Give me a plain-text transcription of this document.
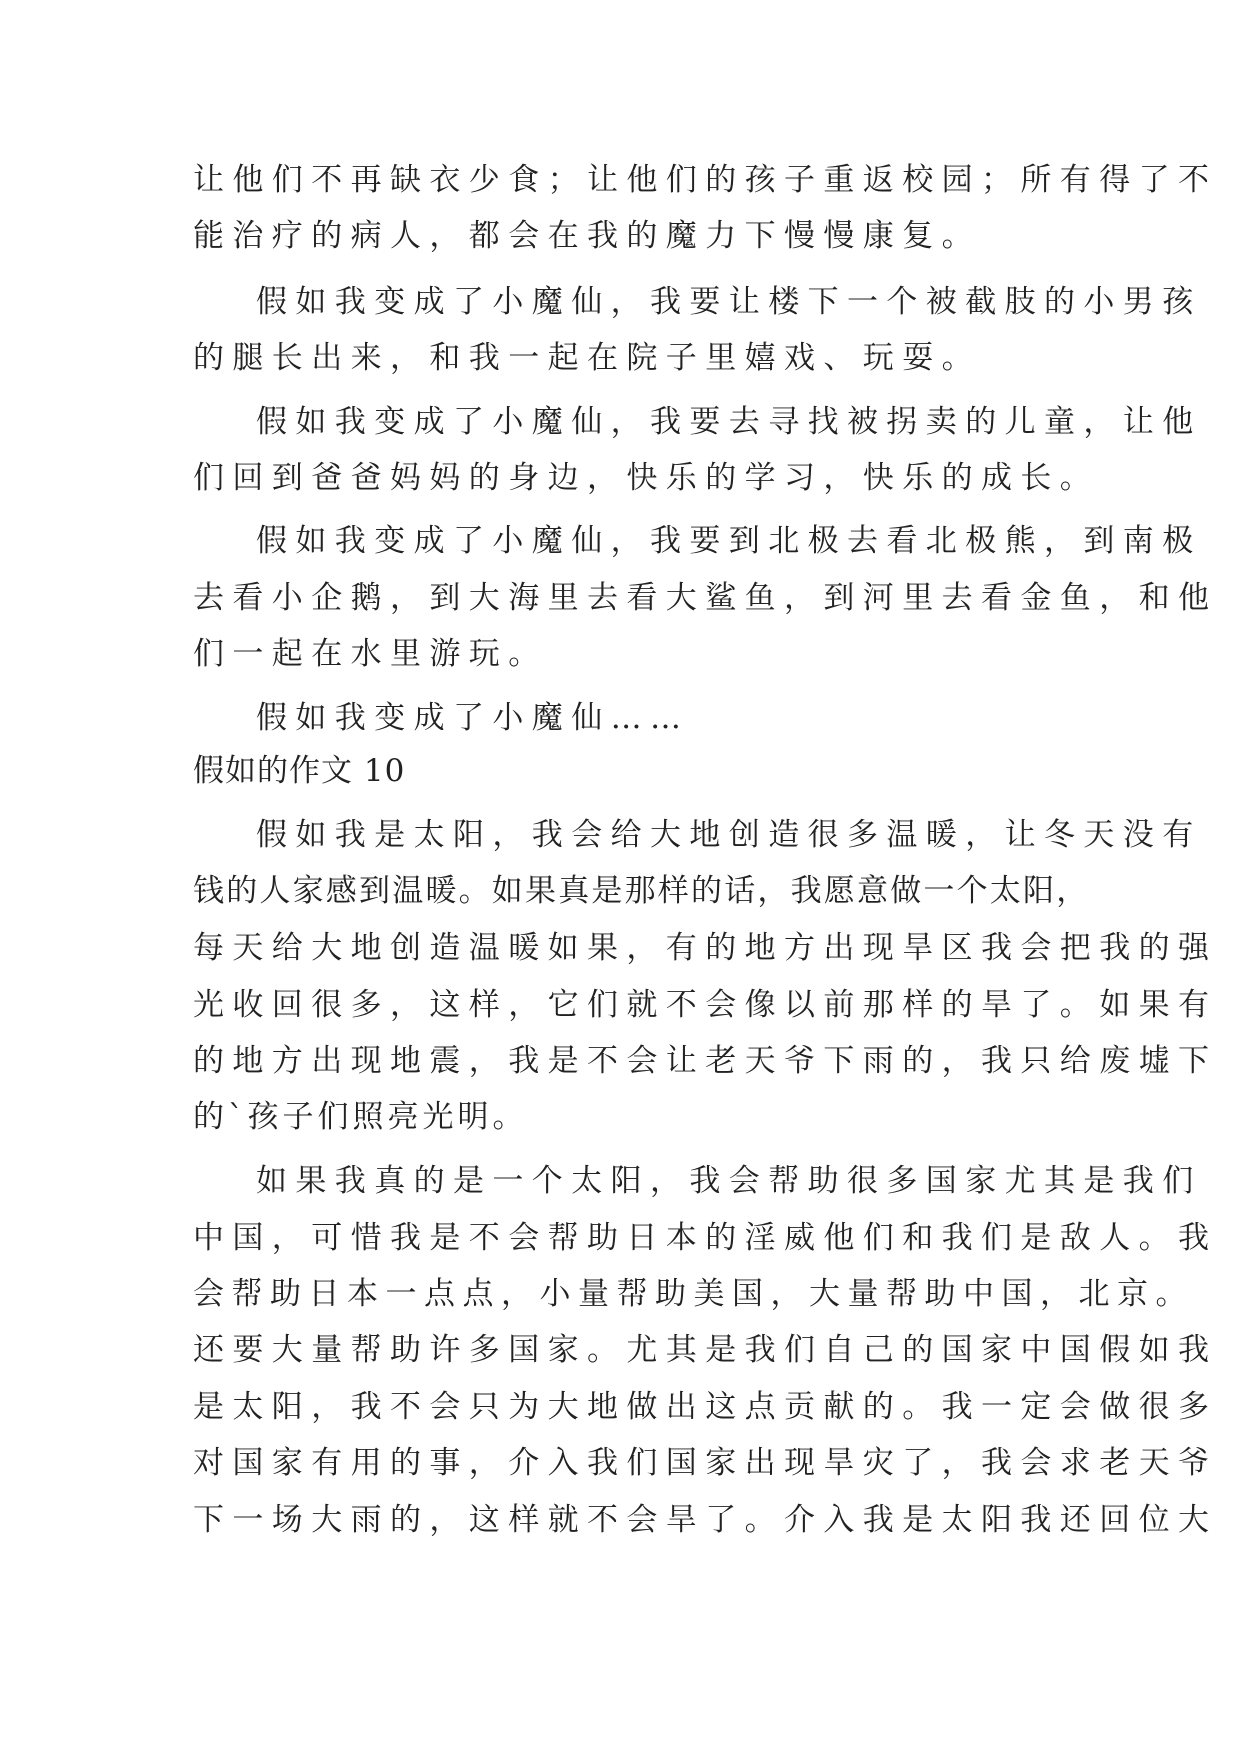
让他们不再缺衣少食；让他们的孩子重返校园；所有得了不
能治疗的病人，都会在我的魔力下慢慢康复。
假如我变成了小魔仙，我要让楼下一个被截肢的小男孩
的腿长出来，和我一起在院子里嬉戏、玩耍。
假如我变成了小魔仙，我要去寻找被拐卖的儿童，让他
们回到爸爸妈妈的身边，快乐的学习，快乐的成长。
假如我变成了小魔仙，我要到北极去看北极熊，到南极
去看小企鹅，到大海里去看大鲨鱼，到河里去看金鱼，和他
们一起在水里游玩。
假如我变成了小魔仙……
假如的作文 10
假如我是太阳，我会给大地创造很多温暖，让冬天没有
钱的人家感到温暖。如果真是那样的话，我愿意做一个太阳，
每天给大地创造温暖如果，有的地方出现旱区我会把我的强
光收回很多，这样，它们就不会像以前那样的旱了。如果有
的地方出现地震，我是不会让老天爷下雨的，我只给废墟下
的`孩子们照亮光明。
如果我真的是一个太阳，我会帮助很多国家尤其是我们
中国，可惜我是不会帮助日本的淫威他们和我们是敌人。我
会帮助日本一点点，小量帮助美国，大量帮助中国，北京。
还要大量帮助许多国家。尤其是我们自己的国家中国假如我
是太阳，我不会只为大地做出这点贡献的。我一定会做很多
对国家有用的事，介入我们国家出现旱灾了，我会求老天爷
下一场大雨的，这样就不会旱了。介入我是太阳我还回位大
